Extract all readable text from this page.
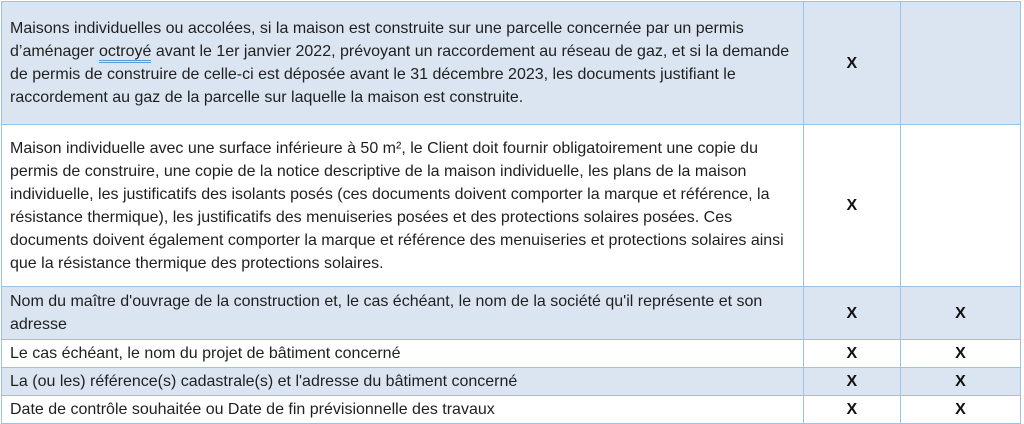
Maisons individuelles ou accolées, si la maison est construite sur une parcelle concernée par un permis d’aménager octroyé avant le 1er janvier 2022, prévoyant un raccordement au réseau de gaz, et si la demande de permis de construire de celle-ci est déposée avant le 31 décembre 2023, les documents justifiant le raccordement au gaz de la parcelle sur laquelle la maison est construite.	X	
Maison individuelle avec une surface inférieure à 50 m², le Client doit fournir obligatoirement une copie du permis de construire, une copie de la notice descriptive de la maison individuelle, les plans de la maison individuelle, les justificatifs des isolants posés (ces documents doivent comporter la marque et référence, la résistance thermique), les justificatifs des menuiseries posées et des protections solaires posées. Ces documents doivent également comporter la marque et référence des menuiseries et protections solaires ainsi que la résistance thermique des protections solaires.	X	
Nom du maître d'ouvrage de la construction et, le cas échéant, le nom de la société qu'il représente et son adresse	X	X
Le cas échéant, le nom du projet de bâtiment concerné	X	X
La (ou les) référence(s) cadastrale(s) et l'adresse du bâtiment concerné	X	X
Date de contrôle souhaitée ou Date de fin prévisionnelle des travaux	X	X
